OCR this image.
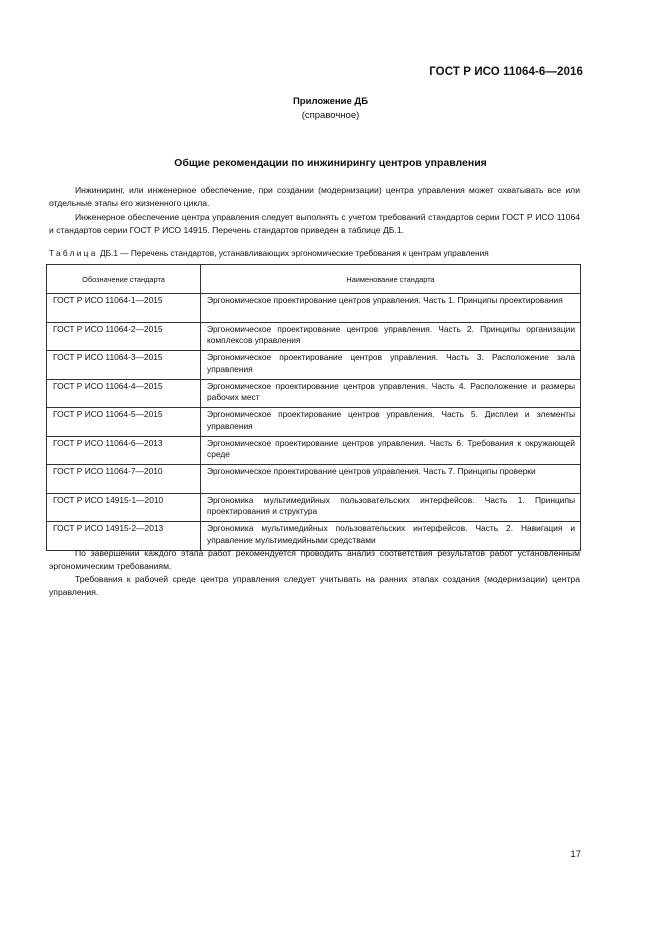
ГОСТ Р ИСО 11064-6—2016
Приложение ДБ
(справочное)
Общие рекомендации по инжинирингу центров управления
Инжиниринг, или инженерное обеспечение, при создании (модернизации) центра управления может охватывать все или отдельные этапы его жизненного цикла.
Инженерное обеспечение центра управления следует выполнять с учетом требований стандартов серии ГОСТ Р ИСО 11064 и стандартов серии ГОСТ Р ИСО 14915. Перечень стандартов приведен в таблице ДБ.1.
Таблица ДБ.1 — Перечень стандартов, устанавливающих эргономические требования к центрам управления
Обозначение стандарта	Наименование стандарта
ГОСТ Р ИСО 11064-1—2015	Эргономическое проектирование центров управления. Часть 1. Принципы проектирования
ГОСТ Р ИСО 11064-2—2015	Эргономическое проектирование центров управления. Часть 2. Принципы организации комплексов управления
ГОСТ Р ИСО 11064-3—2015	Эргономическое проектирование центров управления. Часть 3. Расположение зала управления
ГОСТ Р ИСО 11064-4—2015	Эргономическое проектирование центров управления. Часть 4. Расположение и размеры рабочих мест
ГОСТ Р ИСО 11064-5—2015	Эргономическое проектирование центров управления. Часть 5. Дисплеи и элементы управления
ГОСТ Р ИСО 11064-6—2013	Эргономическое проектирование центров управления. Часть 6. Требования к окружающей среде
ГОСТ Р ИСО 11064-7—2010	Эргономическое проектирование центров управления. Часть 7. Принципы проверки
ГОСТ Р ИСО 14915-1—2010	Эргономика мультимедийных пользовательских интерфейсов. Часть 1. Принципы проектирования и структура
ГОСТ Р ИСО 14915-2—2013	Эргономика мультимедийных пользовательских интерфейсов. Часть 2. Навигация и управление мультимедийными средствами
По завершении каждого этапа работ рекомендуется проводить анализ соответствия результатов работ установленным эргономическим требованиям.
Требования к рабочей среде центра управления следует учитывать на ранних этапах создания (модернизации) центра управления.
17
